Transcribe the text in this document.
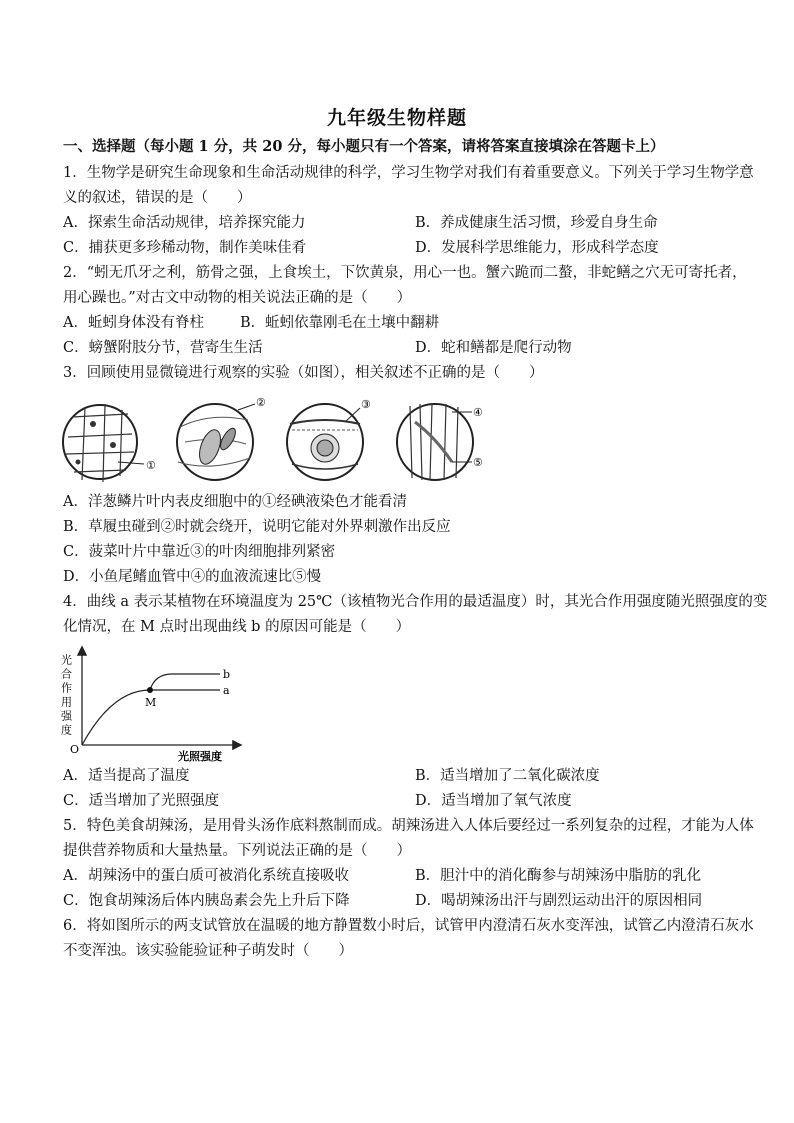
九年级生物样题
一、选择题（每小题 1 分，共 20 分，每小题只有一个答案，请将答案直接填涂在答题卡上）
1．生物学是研究生命现象和生命活动规律的科学，学习生物学对我们有着重要意义。下列关于学习生物学意
义的叙述，错误的是（　　）
A．探索生命活动规律，培养探究能力	B．养成健康生活习惯，珍爱自身生命
C．捕获更多珍稀动物，制作美味佳肴	D．发展科学思维能力，形成科学态度
2．“蚓无爪牙之利，筋骨之强，上食埃土，下饮黄泉，用心一也。蟹六跪而二螯，非蛇鳝之穴无可寄托者，
用心躁也。”对古文中动物的相关说法正确的是（　　）
A．蚯蚓身体没有脊柱 B．蚯蚓依靠刚毛在土壤中翻耕
C．螃蟹附肢分节，营寄生生活	D．蛇和鳝都是爬行动物
3．回顾使用显微镜进行观察的实验（如图），相关叙述不正确的是（　　）
①
②	③
④
⑤
A．洋葱鳞片叶内表皮细胞中的①经碘液染色才能看清
B．草履虫碰到②时就会绕开，说明它能对外界刺激作出反应
C．菠菜叶片中靠近③的叶肉细胞排列紧密
D．小鱼尾鳍血管中④的血液流速比⑤慢
4．曲线 a 表示某植物在环境温度为 25℃（该植物光合作用的最适温度）时，其光合作用强度随光照强度的变
化情况，在 M 点时出现曲线 b 的原因可能是（　　）
M
b
a
O
光照强度
光合作用强度
A．适当提高了温度	B．适当增加了二氧化碳浓度
C．适当增加了光照强度	D．适当增加了氧气浓度
5．特色美食胡辣汤，是用骨头汤作底料熬制而成。胡辣汤进入人体后要经过一系列复杂的过程，才能为人体
提供营养物质和大量热量。下列说法正确的是（　　）
A．胡辣汤中的蛋白质可被消化系统直接吸收	B．胆汁中的消化酶参与胡辣汤中脂肪的乳化
C．饱食胡辣汤后体内胰岛素会先上升后下降	D．喝胡辣汤出汗与剧烈运动出汗的原因相同
6．将如图所示的两支试管放在温暖的地方静置数小时后，试管甲内澄清石灰水变浑浊，试管乙内澄清石灰水
不变浑浊。该实验能验证种子萌发时（　　）
